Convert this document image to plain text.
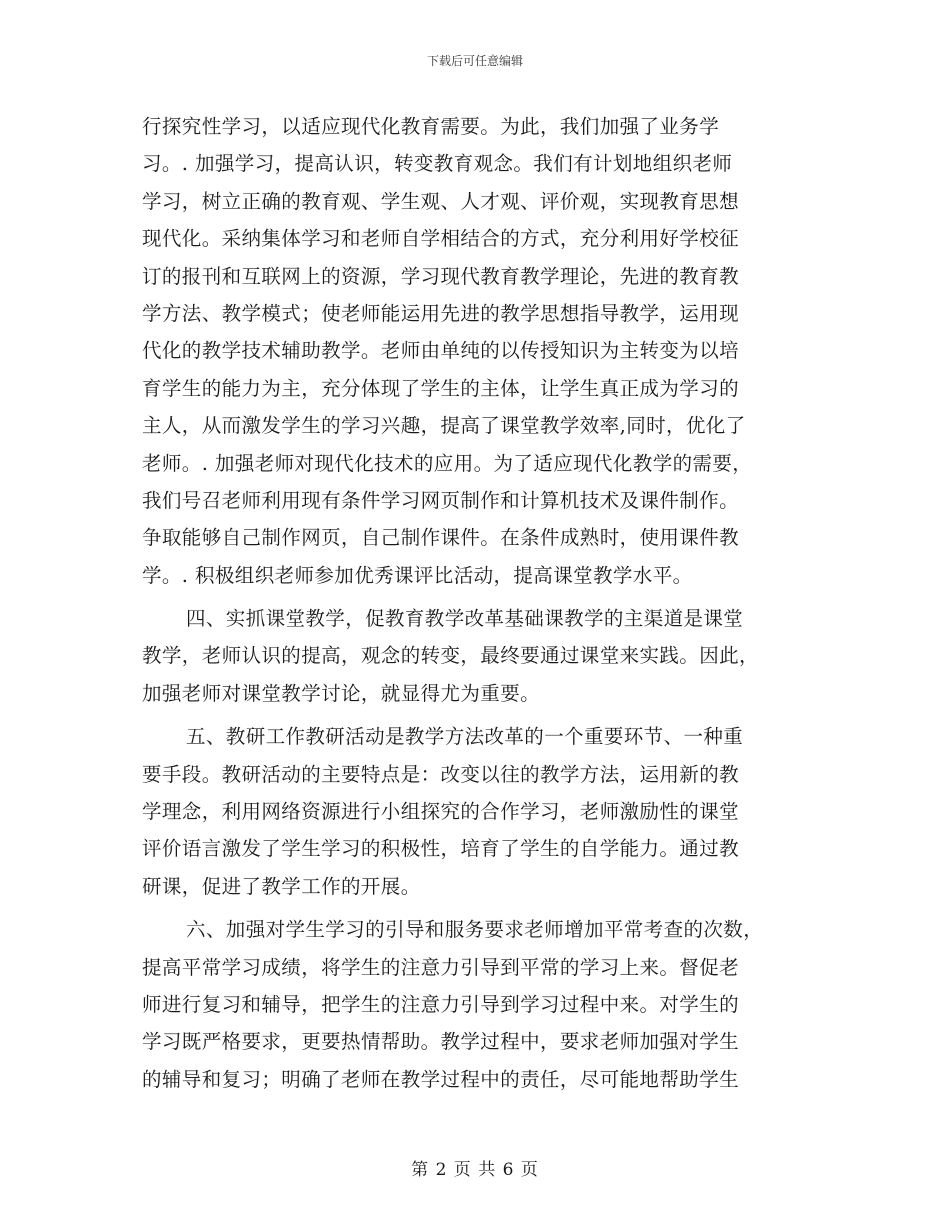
下载后可任意编辑
行探究性学习，以适应现代化教育需要。为此，我们加强了业务学
习。. 加强学习，提高认识，转变教育观念。我们有计划地组织老师
学习，树立正确的教育观、学生观、人才观、评价观，实现教育思想
现代化。采纳集体学习和老师自学相结合的方式，充分利用好学校征
订的报刊和互联网上的资源，学习现代教育教学理论，先进的教育教
学方法、教学模式；使老师能运用先进的教学思想指导教学，运用现
代化的教学技术辅助教学。老师由单纯的以传授知识为主转变为以培
育学生的能力为主，充分体现了学生的主体，让学生真正成为学习的
主人，从而激发学生的学习兴趣，提高了课堂教学效率,同时，优化了
老师。. 加强老师对现代化技术的应用。为了适应现代化教学的需要，
我们号召老师利用现有条件学习网页制作和计算机技术及课件制作。
争取能够自己制作网页，自己制作课件。在条件成熟时，使用课件教
学。. 积极组织老师参加优秀课评比活动，提高课堂教学水平。
四、实抓课堂教学，促教育教学改革基础课教学的主渠道是课堂
教学，老师认识的提高，观念的转变，最终要通过课堂来实践。因此，
加强老师对课堂教学讨论，就显得尤为重要。
五、教研工作教研活动是教学方法改革的一个重要环节、一种重
要手段。教研活动的主要特点是：改变以往的教学方法，运用新的教
学理念，利用网络资源进行小组探究的合作学习，老师激励性的课堂
评价语言激发了学生学习的积极性，培育了学生的自学能力。通过教
研课，促进了教学工作的开展。
六、加强对学生学习的引导和服务要求老师增加平常考查的次数，
提高平常学习成绩，将学生的注意力引导到平常的学习上来。督促老
师进行复习和辅导，把学生的注意力引导到学习过程中来。对学生的
学习既严格要求，更要热情帮助。教学过程中，要求老师加强对学生
的辅导和复习；明确了老师在教学过程中的责任，尽可能地帮助学生
第 2 页 共 6 页
